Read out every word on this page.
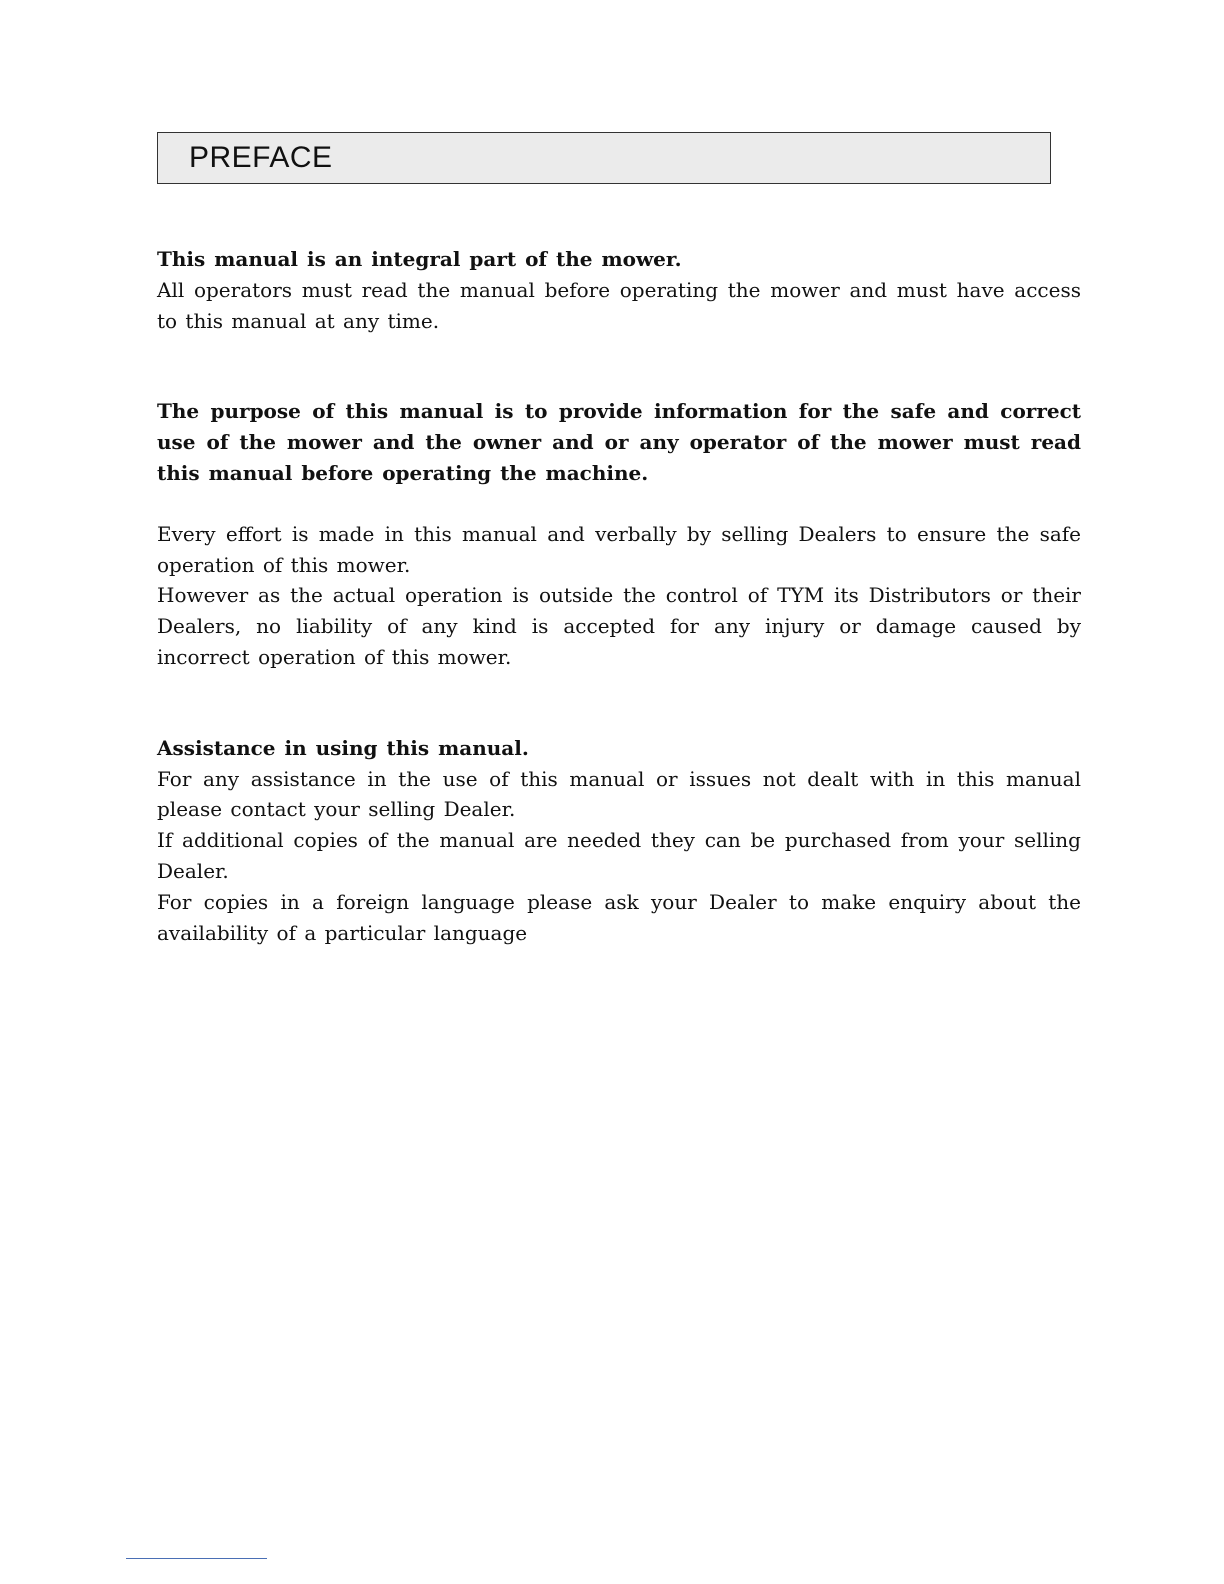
PREFACE

This manual is an integral part of the mower.

All operators must read the manual before operating the mower and must have access to this manual at any time.

The purpose of this manual is to provide information for the safe and correct use of the mower and the owner and or any operator of the mower must read this manual before operating the machine.

Every effort is made in this manual and verbally by selling Dealers to ensure the safe operation of this mower.

However as the actual operation is outside the control of TYM its Distributors or their Dealers, no liability of any kind is accepted for any injury or damage caused by incorrect operation of this mower.

Assistance in using this manual.

For any assistance in the use of this manual or issues not dealt with in this manual please contact your selling Dealer.

If additional copies of the manual are needed they can be purchased from your selling Dealer.

For copies in a foreign language please ask your Dealer to make enquiry about the availability of a particular language
